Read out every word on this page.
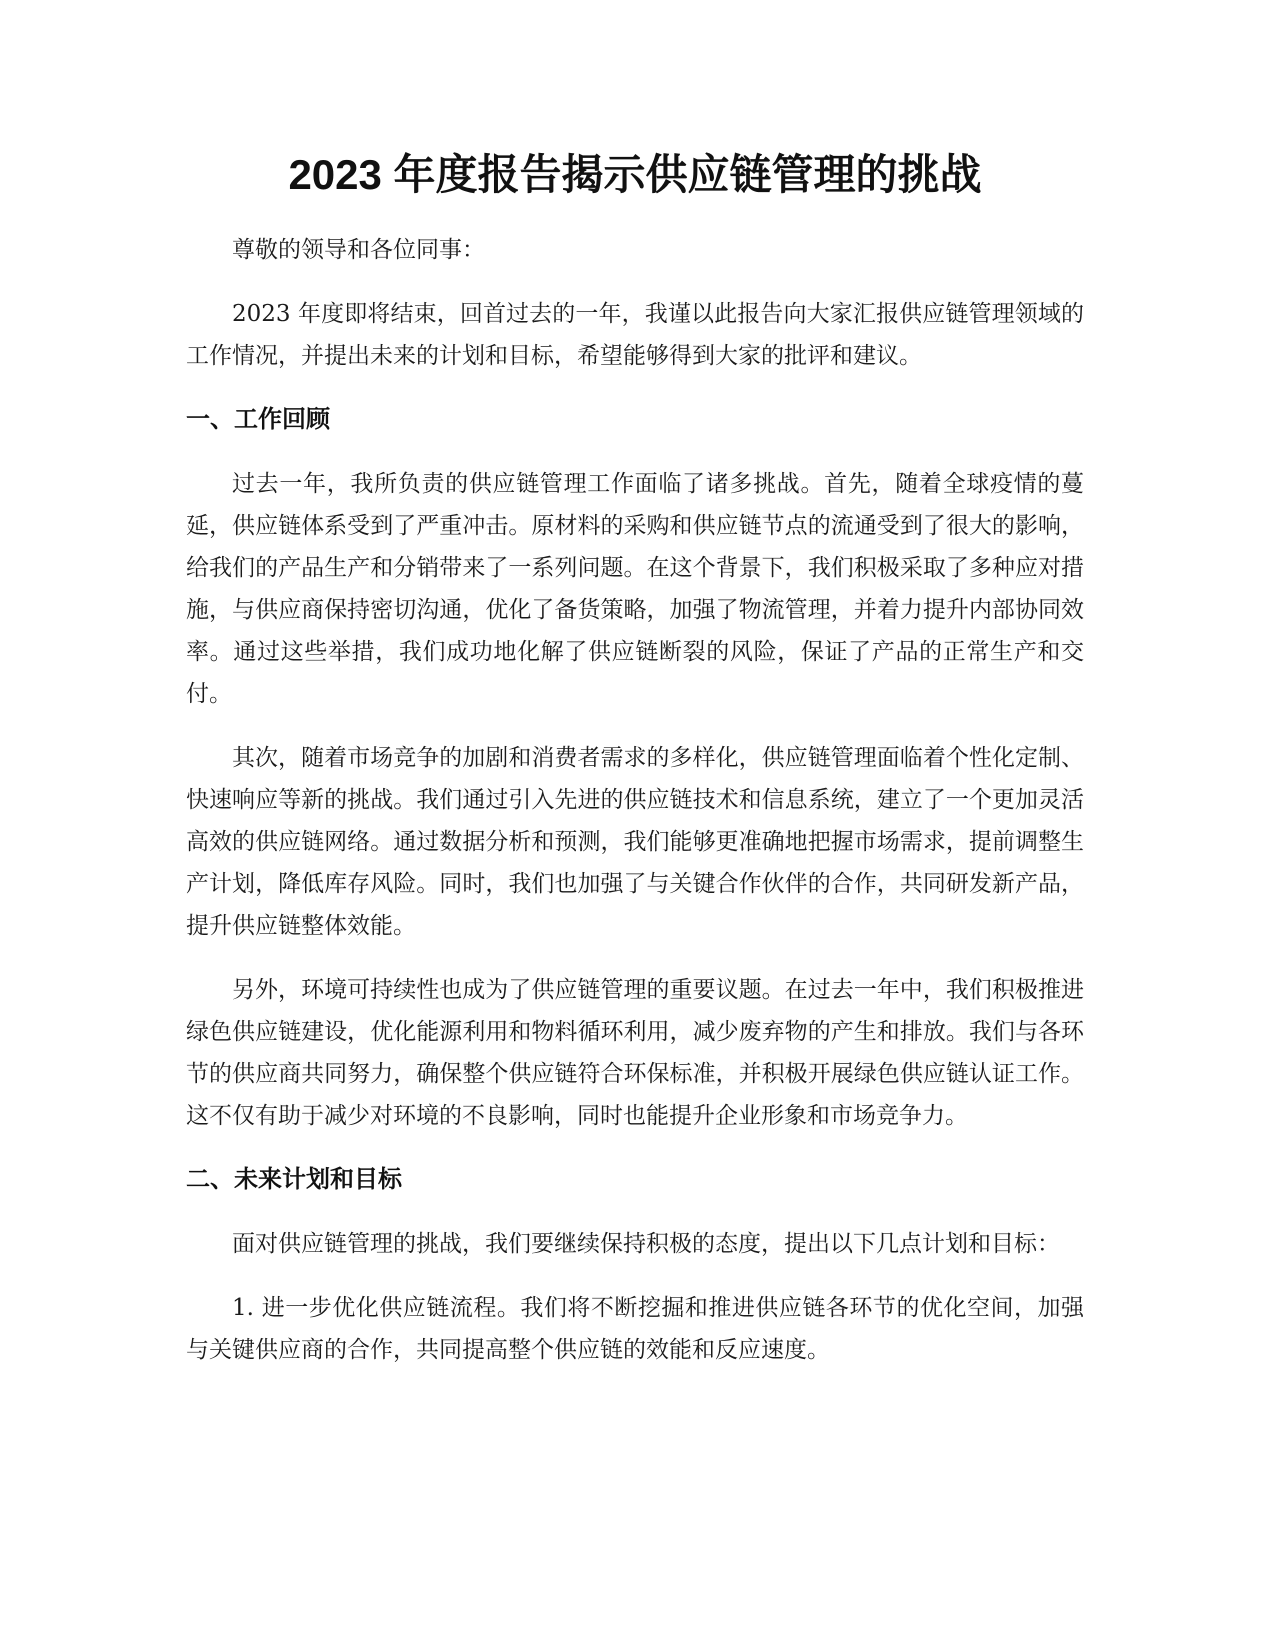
2023 年度报告揭示供应链管理的挑战

尊敬的领导和各位同事：

2023 年度即将结束，回首过去的一年，我谨以此报告向大家汇报供应链管理领域的工作情况，并提出未来的计划和目标，希望能够得到大家的批评和建议。

一、工作回顾

过去一年，我所负责的供应链管理工作面临了诸多挑战。首先，随着全球疫情的蔓延，供应链体系受到了严重冲击。原材料的采购和供应链节点的流通受到了很大的影响，给我们的产品生产和分销带来了一系列问题。在这个背景下，我们积极采取了多种应对措施，与供应商保持密切沟通，优化了备货策略，加强了物流管理，并着力提升内部协同效率。通过这些举措，我们成功地化解了供应链断裂的风险，保证了产品的正常生产和交付。

其次，随着市场竞争的加剧和消费者需求的多样化，供应链管理面临着个性化定制、快速响应等新的挑战。我们通过引入先进的供应链技术和信息系统，建立了一个更加灵活高效的供应链网络。通过数据分析和预测，我们能够更准确地把握市场需求，提前调整生产计划，降低库存风险。同时，我们也加强了与关键合作伙伴的合作，共同研发新产品，提升供应链整体效能。

另外，环境可持续性也成为了供应链管理的重要议题。在过去一年中，我们积极推进绿色供应链建设，优化能源利用和物料循环利用，减少废弃物的产生和排放。我们与各环节的供应商共同努力，确保整个供应链符合环保标准，并积极开展绿色供应链认证工作。这不仅有助于减少对环境的不良影响，同时也能提升企业形象和市场竞争力。

二、未来计划和目标

面对供应链管理的挑战，我们要继续保持积极的态度，提出以下几点计划和目标：

1. 进一步优化供应链流程。我们将不断挖掘和推进供应链各环节的优化空间，加强与关键供应商的合作，共同提高整个供应链的效能和反应速度。
